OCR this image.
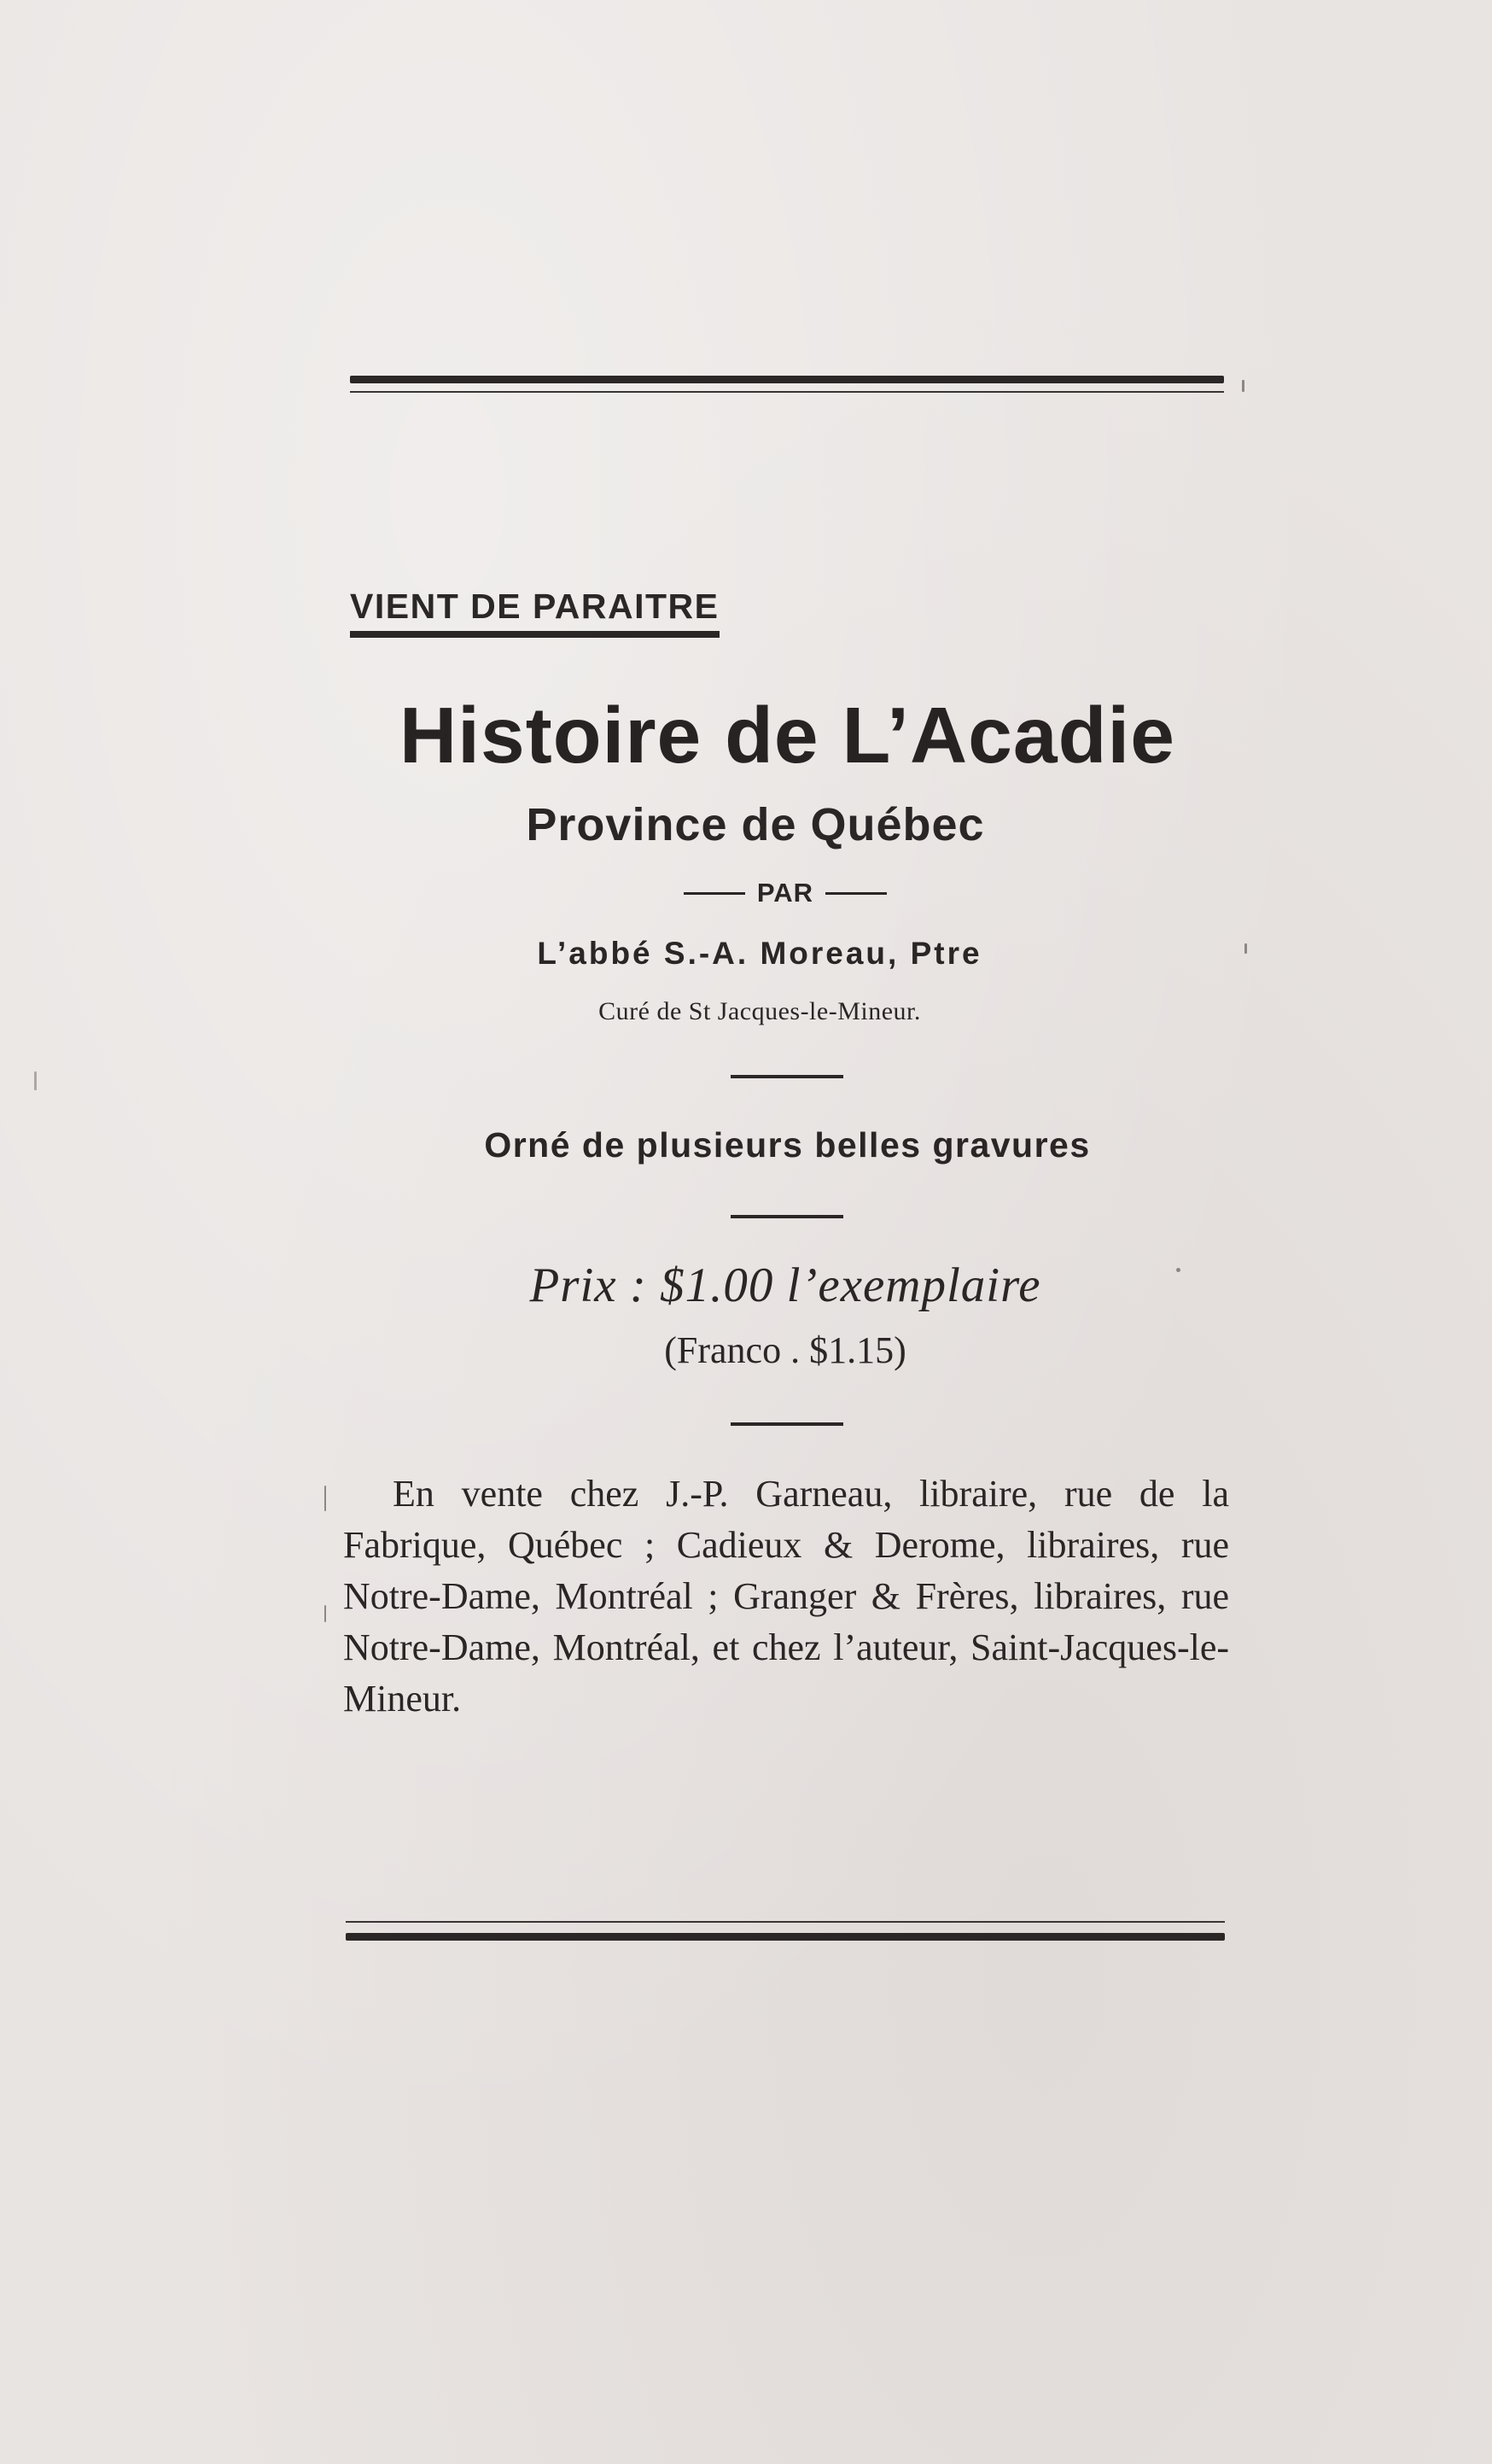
VIENT DE PARAITRE
Histoire de L’Acadie
Province de Québec
PAR
L’abbé S.-A. Moreau, Ptre
Curé de St Jacques-le-Mineur.
Orné de plusieurs belles gravures
Prix : $1.00 l’exemplaire
(Franco . $1.15)
En vente chez J.-P. Garneau, libraire, rue de la Fabrique, Québec ; Cadieux & Derome, libraires, rue Notre-Dame, Montréal ; Granger & Frères, libraires, rue Notre-Dame, Montréal, et chez l’auteur, Saint-Jacques-le-Mineur.
